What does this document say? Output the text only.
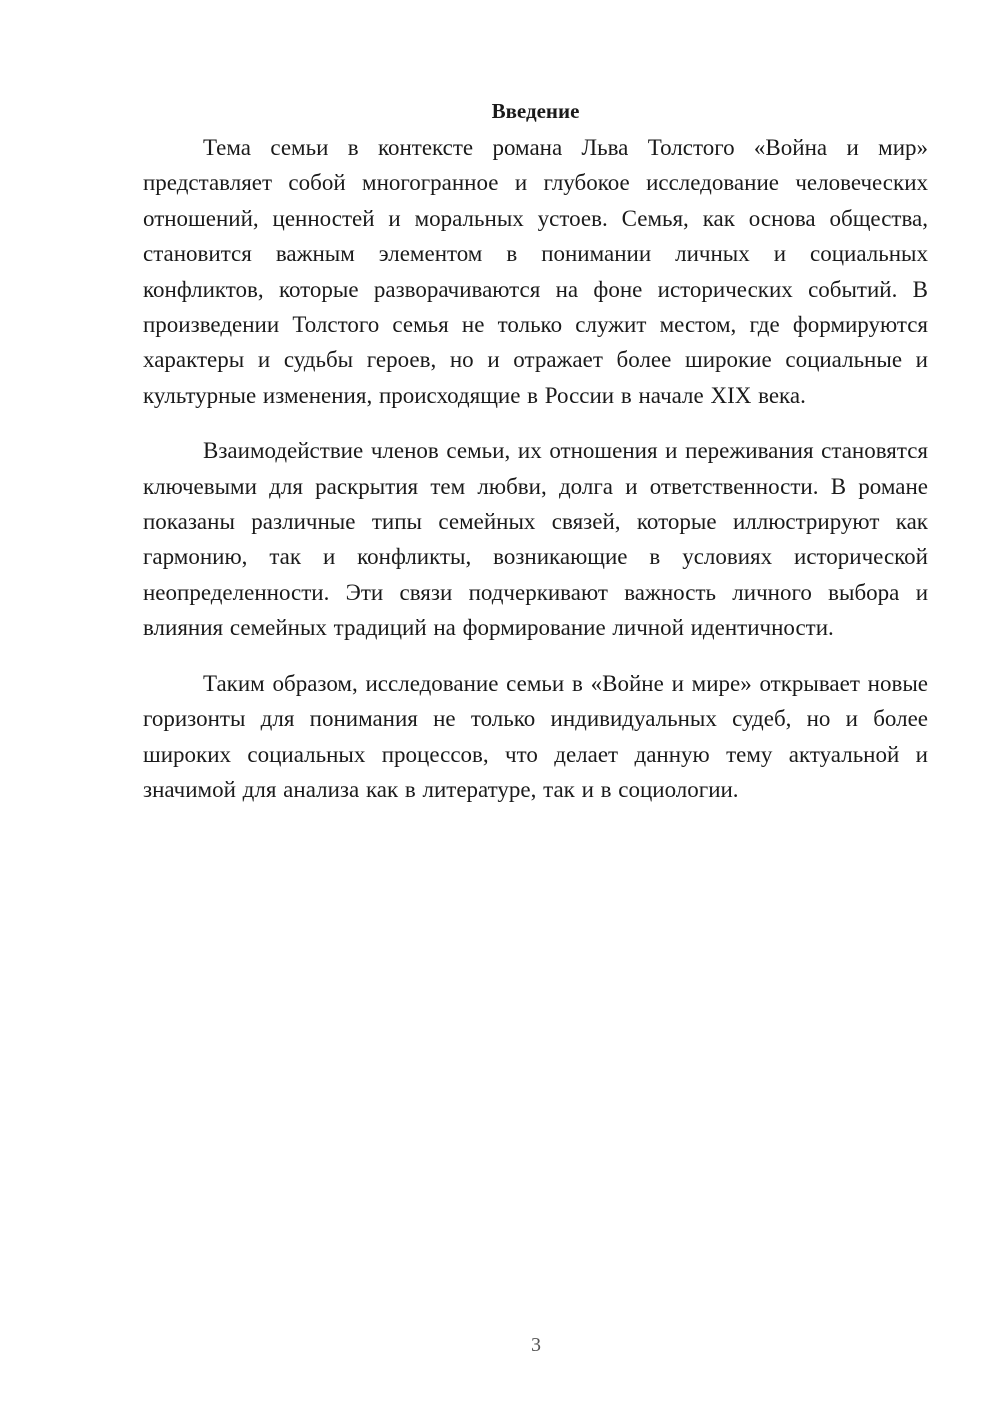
Введение

Тема семьи в контексте романа Льва Толстого «Война и мир» представляет собой многогранное и глубокое исследование человеческих отношений, ценностей и моральных устоев. Семья, как основа общества, становится важным элементом в понимании личных и социальных конфликтов, которые разворачиваются на фоне исторических событий. В произведении Толстого семья не только служит местом, где формируются характеры и судьбы героев, но и отражает более широкие социальные и культурные изменения, происходящие в России в начале XIX века.

Взаимодействие членов семьи, их отношения и переживания становятся ключевыми для раскрытия тем любви, долга и ответственности. В романе показаны различные типы семейных связей, которые иллюстрируют как гармонию, так и конфликты, возникающие в условиях исторической неопределенности. Эти связи подчеркивают важность личного выбора и влияния семейных традиций на формирование личной идентичности.

Таким образом, исследование семьи в «Войне и мире» открывает новые горизонты для понимания не только индивидуальных судеб, но и более широких социальных процессов, что делает данную тему актуальной и значимой для анализа как в литературе, так и в социологии.

3
